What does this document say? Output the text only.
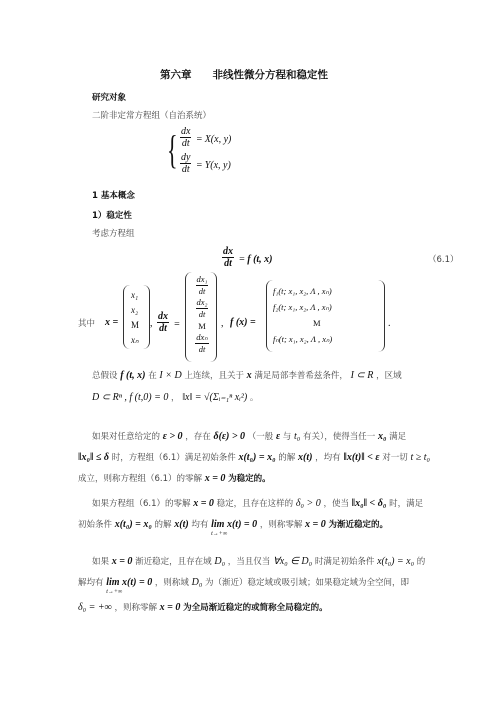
第六章　　非线性微分方程和稳定性
研究对象
二阶非定常方程组（自治系统）
{ $\frac{dx}{dt} = X(x$, y)
$\frac{dy}{dt} = Y(x$, y)
1 基本概念
1）稳定性
考虑方程组
$\frac{dx}{dt} = f$ (t, x)	（6.1）
其中 x =
x₁
x₂
M
xₙ
, $\frac{dx}{dt}$ =
dx₁
dt
dx₂
dt
M
dxₙ
dt
, f (x) =
f₁(t; x₁, x₂, Λ , xₙ)
f₂(t; x₁, x₂, Λ , xₙ)
M
fₙ(t; x₁, x₂, Λ , xₙ)
.
总假设 f (t, x) 在 I × D 上连续，且关于 x 满足局部李普希兹条件， I ⊂ R ，区域
D ⊂ Rⁿ , f (t,0) = 0 ， ‖x‖ = √(Σᵢ₌₁ⁿ xᵢ²) 。
如果对任意给定的 ε > 0 ，存在 δ(ε) > 0 （一般 ε 与 t₀ 有关），使得当任一 x₀ 满足
‖x₀‖ ≤ δ 时，方程组（6.1）满足初始条件 x(t₀) = x₀ 的解 x(t) ，均有 ‖x(t)‖ < ε 对一切 t ≥ t₀
成立，则称方程组（6.1）的零解 x = 0 为稳定的。
如果方程组（6.1）的零解 x = 0 稳定，且存在这样的 δ₀ > 0 ，使当 ‖x₀‖ < δ₀ 时，满足
初始条件 x(t₀) = x₀ 的解 x(t) 均有 lim x(t) = 0
t→+∞
，则称零解 x = 0 为渐近稳定的。
如果 x = 0 渐近稳定，且存在域 D₀ ，当且仅当 ∀x₀ ∈ D₀ 时满足初始条件 x(t₀) = x₀ 的
解均有 lim x(t) = 0
t→+∞
，则称域 D₀ 为（渐近）稳定域或吸引域；如果稳定域为全空间，即
δ₀ = +∞ ，则称零解 x = 0 为全局渐近稳定的或简称全局稳定的。
